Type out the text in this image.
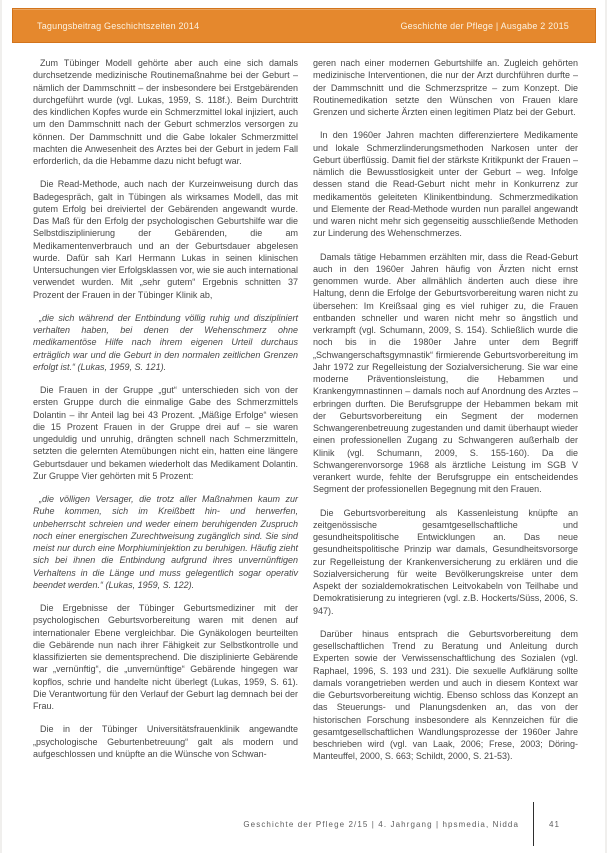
Tagungsbeitrag Geschichtszeiten 2014	Geschichte der Pflege | Ausgabe 2 2015

Zum Tübinger Modell gehörte aber auch eine sich damals durchsetzende medizinische Routinemaßnahme bei der Geburt – nämlich der Dammschnitt – der insbesondere bei Erstgebärenden durchgeführt wurde (vgl. Lukas, 1959, S. 118f.). Beim Durchtritt des kindlichen Kopfes wurde ein Schmerzmittel lokal injiziert, auch um den Dammschnitt nach der Geburt schmerzlos versorgen zu können. Der Dammschnitt und die Gabe lokaler Schmerzmittel machten die Anwesenheit des Arztes bei der Geburt in jedem Fall erforderlich, da die Hebamme dazu nicht befugt war.

Die Read-Methode, auch nach der Kurzeinweisung durch das Badegespräch, galt in Tübingen als wirksames Modell, das mit gutem Erfolg bei dreiviertel der Gebärenden angewandt wurde. Das Maß für den Erfolg der psychologischen Geburtshilfe war die Selbstdisziplinierung der Gebärenden, die am Medikamentenverbrauch und an der Geburtsdauer abgelesen wurde. Dafür sah Karl Hermann Lukas in seinen klinischen Untersuchungen vier Erfolgsklassen vor, wie sie auch international verwendet wurden. Mit „sehr gutem“ Ergebnis schnitten 37 Prozent der Frauen in der Tübinger Klinik ab,

„die sich während der Entbindung völlig ruhig und diszipliniert verhalten haben, bei denen der Wehenschmerz ohne medikamentöse Hilfe nach ihrem eigenen Urteil durchaus erträglich war und die Geburt in den normalen zeitlichen Grenzen erfolgt ist.“ (Lukas, 1959, S. 121).

Die Frauen in der Gruppe „gut“ unterschieden sich von der ersten Gruppe durch die einmalige Gabe des Schmerzmittels Dolantin – ihr Anteil lag bei 43 Prozent. „Mäßige Erfolge“ wiesen die 15 Prozent Frauen in der Gruppe drei auf – sie waren ungeduldig und unruhig, drängten schnell nach Schmerzmitteln, setzten die gelernten Atemübungen nicht ein, hatten eine längere Geburtsdauer und bekamen wiederholt das Medikament Dolantin. Zur Gruppe Vier gehörten mit 5 Prozent:

„die völligen Versager, die trotz aller Maßnahmen kaum zur Ruhe kommen, sich im Kreißbett hin- und herwerfen, unbeherrscht schreien und weder einem beruhigenden Zuspruch noch einer energischen Zurechtweisung zugänglich sind. Sie sind meist nur durch eine Morphiuminjektion zu beruhigen. Häufig zieht sich bei ihnen die Entbindung aufgrund ihres unvernünftigen Verhaltens in die Länge und muss gelegentlich sogar operativ beendet werden.“ (Lukas, 1959, S. 122).

Die Ergebnisse der Tübinger Geburtsmediziner mit der psychologischen Geburtsvorbereitung waren mit denen auf internationaler Ebene vergleichbar. Die Gynäkologen beurteilten die Gebärende nun nach ihrer Fähigkeit zur Selbstkontrolle und klassifizierten sie dementsprechend. Die disziplinierte Gebärende war „vernünftig“, die „unvernünftige“ Gebärende hingegen war kopflos, schrie und handelte nicht überlegt (Lukas, 1959, S. 61). Die Verantwortung für den Verlauf der Geburt lag demnach bei der Frau.

Die in der Tübinger Universitätsfrauenklinik angewandte „psychologische Geburtenbetreuung“ galt als modern und aufgeschlossen und knüpfte an die Wünsche von Schwan-

geren nach einer modernen Geburtshilfe an. Zugleich gehörten medizinische Interventionen, die nur der Arzt durchführen durfte – der Dammschnitt und die Schmerzspritze – zum Konzept. Die Routinemedikation setzte den Wünschen von Frauen klare Grenzen und sicherte Ärzten einen legitimen Platz bei der Geburt.

In den 1960er Jahren machten differenziertere Medikamente und lokale Schmerzlinderungsmethoden Narkosen unter der Geburt überflüssig. Damit fiel der stärkste Kritikpunkt der Frauen – nämlich die Bewusstlosigkeit unter der Geburt – weg. Infolge dessen stand die Read-Geburt nicht mehr in Konkurrenz zur medikamentös geleiteten Klinikentbindung. Schmerzmedikation und Elemente der Read-Methode wurden nun parallel angewandt und waren nicht mehr sich gegenseitig ausschließende Methoden zur Linderung des Wehenschmerzes.

Damals tätige Hebammen erzählten mir, dass die Read-Geburt auch in den 1960er Jahren häufig von Ärzten nicht ernst genommen wurde. Aber allmählich änderten auch diese ihre Haltung, denn die Erfolge der Geburtsvorbereitung waren nicht zu übersehen: Im Kreißsaal ging es viel ruhiger zu, die Frauen entbanden schneller und waren nicht mehr so ängstlich und verkrampft (vgl. Schumann, 2009, S. 154). Schließlich wurde die noch bis in die 1980er Jahre unter dem Begriff „Schwangerschaftsgymnastik“ firmierende Geburtsvorbereitung im Jahr 1972 zur Regelleistung der Sozialversicherung. Sie war eine moderne Präventionsleistung, die Hebammen und Krankengymnastinnen – damals noch auf Anordnung des Arztes – erbringen durften. Die Berufsgruppe der Hebammen bekam mit der Geburtsvorbereitung ein Segment der modernen Schwangerenbetreuung zugestanden und damit überhaupt wieder einen professionellen Zugang zu Schwangeren außerhalb der Klinik (vgl. Schumann, 2009, S. 155-160). Da die Schwangerenvorsorge 1968 als ärztliche Leistung im SGB V verankert wurde, fehlte der Berufsgruppe ein entscheidendes Segment der professionellen Begegnung mit den Frauen.

Die Geburtsvorbereitung als Kassenleistung knüpfte an zeitgenössische gesamtgesellschaftliche und gesundheitspolitische Entwicklungen an. Das neue gesundheitspolitische Prinzip war damals, Gesundheitsvorsorge zur Regelleistung der Krankenversicherung zu erklären und die Sozialversicherung für weite Bevölkerungskreise unter dem Aspekt der sozialdemokratischen Leitvokabeln von Teilhabe und Demokratisierung zu integrieren (vgl. z.B. Hockerts/Süss, 2006, S. 947).

Darüber hinaus entsprach die Geburtsvorbereitung dem gesellschaftlichen Trend zu Beratung und Anleitung durch Experten sowie der Verwissenschaftlichung des Sozialen (vgl. Raphael, 1996, S. 193 und 231). Die sexuelle Aufklärung sollte damals vorangetrieben werden und auch in diesem Kontext war die Geburtsvorbereitung wichtig. Ebenso schloss das Konzept an das Steuerungs- und Planungsdenken an, das von der historischen Forschung insbesondere als Kennzeichen für die gesamtgesellschaftlichen Wandlungsprozesse der 1960er Jahre beschrieben wird (vgl. van Laak, 2006; Frese, 2003; Döring-Manteuffel, 2000, S. 663; Schildt, 2000, S. 21-53).

Geschichte der Pflege 2/15 | 4. Jahrgang | hpsmedia, Nidda	41
